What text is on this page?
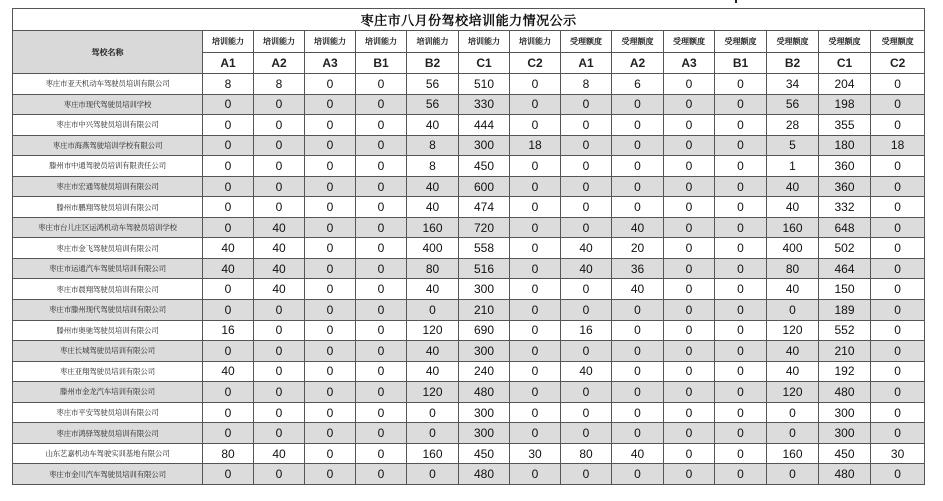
枣庄市八月份驾校培训能力情况公示														
驾校名称	培训能力	培训能力	培训能力	培训能力	培训能力	培训能力	培训能力	受理额度	受理额度	受理额度	受理额度	受理额度	受理额度	受理额度
	A1	A2	A3	B1	B2	C1	C2	A1	A2	A3	B1	B2	C1	C2
枣庄市亚天机动车驾驶员培训有限公司	8	8	0	0	56	510	0	8	6	0	0	34	204	0
枣庄市现代驾驶员培训学校	0	0	0	0	56	330	0	0	0	0	0	56	198	0
枣庄市中兴驾驶员培训有限公司	0	0	0	0	40	444	0	0	0	0	0	28	355	0
枣庄市海燕驾驶培训学校有限公司	0	0	0	0	8	300	18	0	0	0	0	5	180	18
滕州市中通驾驶员培训有限责任公司	0	0	0	0	8	450	0	0	0	0	0	1	360	0
枣庄市宏通驾驶员培训有限公司	0	0	0	0	40	600	0	0	0	0	0	40	360	0
滕州市鹏翔驾驶员培训有限公司	0	0	0	0	40	474	0	0	0	0	0	40	332	0
枣庄市台儿庄区运鸿机动车驾驶员培训学校	0	40	0	0	160	720	0	0	40	0	0	160	648	0
枣庄市金飞驾驶员培训有限公司	40	40	0	0	400	558	0	40	20	0	0	400	502	0
枣庄市运通汽车驾驶员培训有限公司	40	40	0	0	80	516	0	40	36	0	0	80	464	0
枣庄市晨翔驾驶员培训有限公司	0	40	0	0	40	300	0	0	40	0	0	40	150	0
枣庄市滕州现代驾驶员培训有限公司	0	0	0	0	0	210	0	0	0	0	0	0	189	0
滕州市奥驰驾驶员培训有限公司	16	0	0	0	120	690	0	16	0	0	0	120	552	0
枣庄长城驾驶员培训有限公司	0	0	0	0	40	300	0	0	0	0	0	40	210	0
枣庄亚翔驾驶员培训有限公司	40	0	0	0	40	240	0	40	0	0	0	40	192	0
滕州市金龙汽车培训有限公司	0	0	0	0	120	480	0	0	0	0	0	120	480	0
枣庄市平安驾驶员培训有限公司	0	0	0	0	0	300	0	0	0	0	0	0	300	0
枣庄市鸿驿驾驶员培训有限公司	0	0	0	0	0	300	0	0	0	0	0	0	300	0
山东艺嘉机动车驾驶实训基地有限公司	80	40	0	0	160	450	30	80	40	0	0	160	450	30
枣庄市金川汽车驾驶员培训有限公司	0	0	0	0	0	480	0	0	0	0	0	0	480	0
